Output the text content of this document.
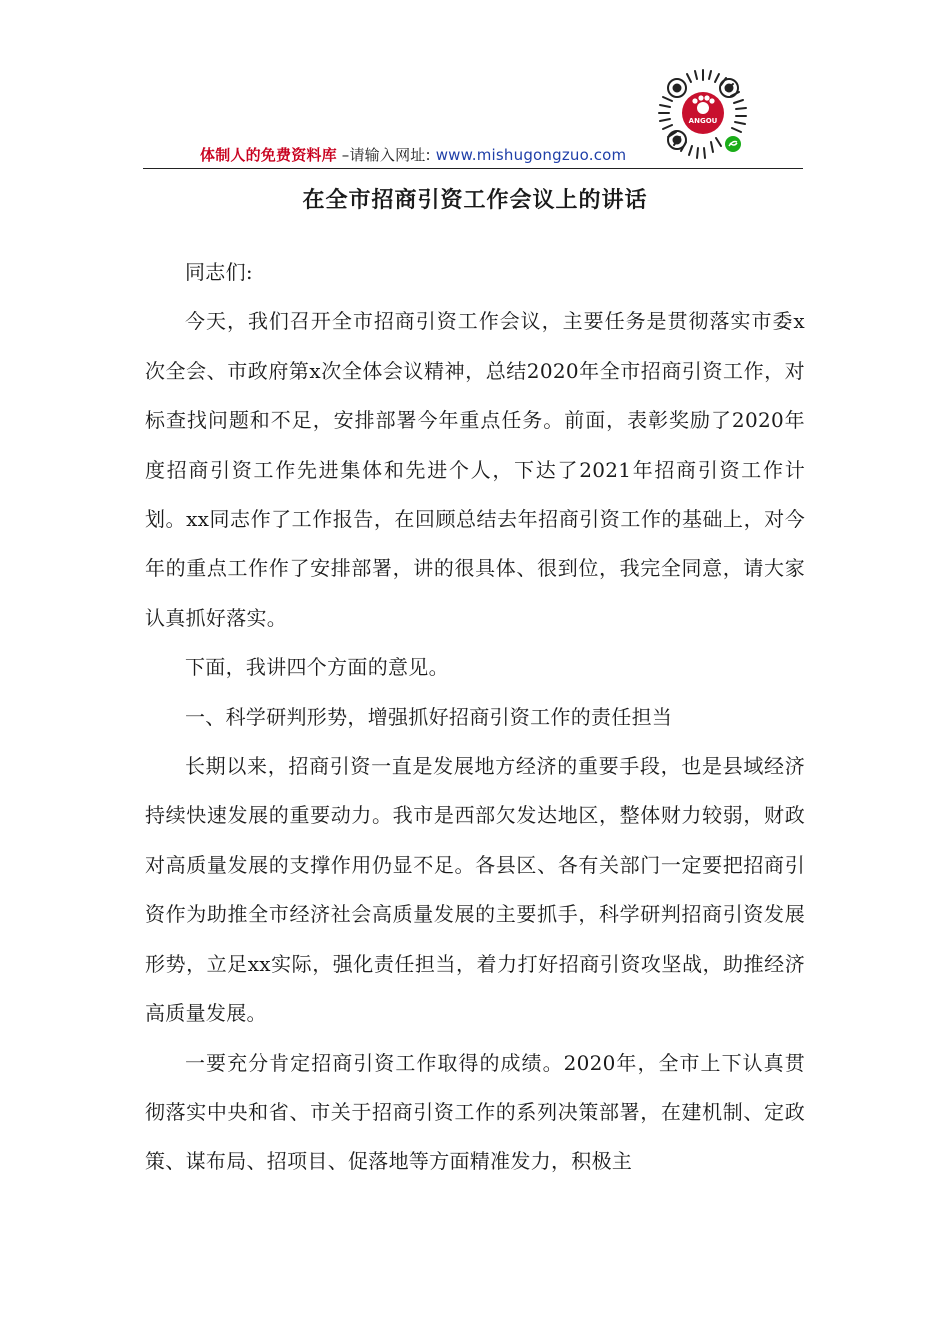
ANGOU
体制人的免费资料库 –请输入网址: www.mishugongzuo.com
在全市招商引资工作会议上的讲话

同志们:

今天，我们召开全市招商引资工作会议，主要任务是贯彻落实市委x次全会、市政府第x次全体会议精神，总结2020年全市招商引资工作，对标查找问题和不足，安排部署今年重点任务。前面，表彰奖励了2020年度招商引资工作先进集体和先进个人，下达了2021年招商引资工作计划。xx同志作了工作报告，在回顾总结去年招商引资工作的基础上，对今年的重点工作作了安排部署，讲的很具体、很到位，我完全同意，请大家认真抓好落实。

下面，我讲四个方面的意见。

一、科学研判形势，增强抓好招商引资工作的责任担当

长期以来，招商引资一直是发展地方经济的重要手段，也是县域经济持续快速发展的重要动力。我市是西部欠发达地区，整体财力较弱，财政对高质量发展的支撑作用仍显不足。各县区、各有关部门一定要把招商引资作为助推全市经济社会高质量发展的主要抓手，科学研判招商引资发展形势，立足xx实际，强化责任担当，着力打好招商引资攻坚战，助推经济高质量发展。

一要充分肯定招商引资工作取得的成绩。2020年，全市上下认真贯彻落实中央和省、市关于招商引资工作的系列决策部署，在建机制、定政策、谋布局、招项目、促落地等方面精准发力，积极主
